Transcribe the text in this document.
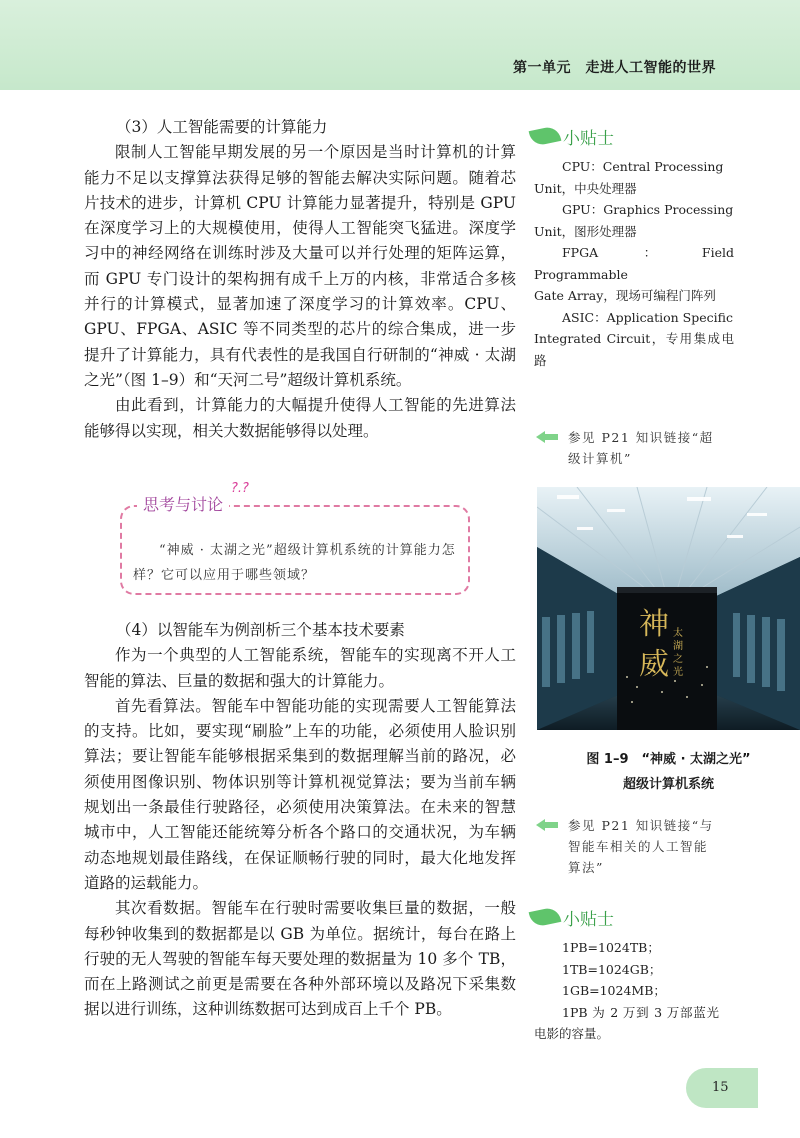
第一单元　走进人工智能的世界

（3）人工智能需要的计算能力

限制人工智能早期发展的另一个原因是当时计算机的计算能力不足以支撑算法获得足够的智能去解决实际问题。随着芯片技术的进步，计算机 CPU 计算能力显著提升，特别是 GPU 在深度学习上的大规模使用，使得人工智能突飞猛进。深度学习中的神经网络在训练时涉及大量可以并行处理的矩阵运算，而 GPU 专门设计的架构拥有成千上万的内核，非常适合多核并行的计算模式，显著加速了深度学习的计算效率。CPU、GPU、FPGA、ASIC 等不同类型的芯片的综合集成，进一步提升了计算能力，具有代表性的是我国自行研制的“神威 · 太湖之光”（图 1–9）和“天河二号”超级计算机系统。

由此看到，计算能力的大幅提升使得人工智能的先进算法能够得以实现，相关大数据能够得以处理。

思考与讨论
?.?

“神威 · 太湖之光”超级计算机系统的计算能力怎样？它可以应用于哪些领域？

（4）以智能车为例剖析三个基本技术要素

作为一个典型的人工智能系统，智能车的实现离不开人工智能的算法、巨量的数据和强大的计算能力。

首先看算法。智能车中智能功能的实现需要人工智能算法的支持。比如，要实现“刷脸”上车的功能，必须使用人脸识别算法；要让智能车能够根据采集到的数据理解当前的路况，必须使用图像识别、物体识别等计算机视觉算法；要为当前车辆规划出一条最佳行驶路径，必须使用决策算法。在未来的智慧城市中，人工智能还能统筹分析各个路口的交通状况，为车辆动态地规划最佳路线，在保证顺畅行驶的同时，最大化地发挥道路的运载能力。

其次看数据。智能车在行驶时需要收集巨量的数据，一般每秒钟收集到的数据都是以 GB 为单位。据统计，每台在路上行驶的无人驾驶的智能车每天要处理的数据量为 10 多个 TB，而在上路测试之前更是需要在各种外部环境以及路况下采集数据以进行训练，这种训练数据可达到成百上千个 PB。

小贴士
CPU：Central Processing
Unit，中央处理器
GPU：Graphics Processing
Unit，图形处理器
FPGA：Field Programmable
Gate Array，现场可编程门阵列
ASIC：Application Specific
Integrated Circuit，专用集成电路
参见 P21 知识链接“超级计算机”
神威
太湖之光
图 1–9　“神威 · 太湖之光”
超级计算机系统
参见 P21 知识链接“与智能车相关的人工智能算法”
小贴士
1PB=1024TB；
1TB=1024GB；
1GB=1024MB；
1PB 为 2 万到 3 万部蓝光电影的容量。
15
